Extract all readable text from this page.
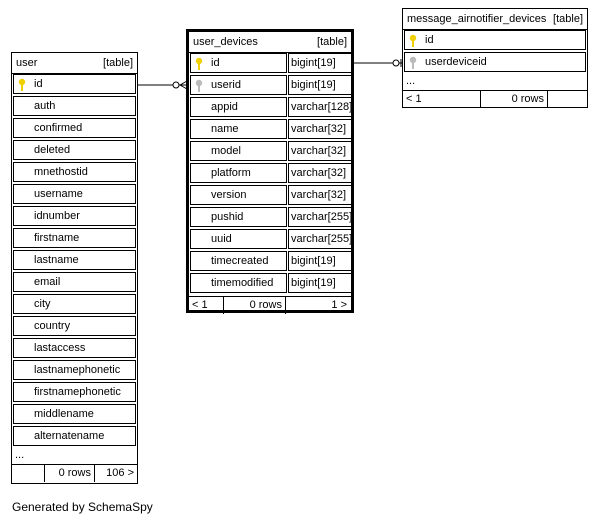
user	[table]
id
auth
confirmed
deleted
mnethostid
username
idnumber
firstname
lastname
email
city
country
lastaccess
lastnamephonetic
firstnamephonetic
middlename
alternatename
...
0 rows 106 >
user_devices	[table]
id	bigint[19]
userid	bigint[19]
appid	varchar[128]
name	varchar[32]
model	varchar[32]
platform	varchar[32]
version	varchar[32]
pushid	varchar[255]
uuid	varchar[255]
timecreated bigint[19]
timemodified bigint[19]
< 1	0 rows	1 >
message_airnotifier_devices [table]
id
userdeviceid
...
< 1	0 rows
Generated by SchemaSpy
